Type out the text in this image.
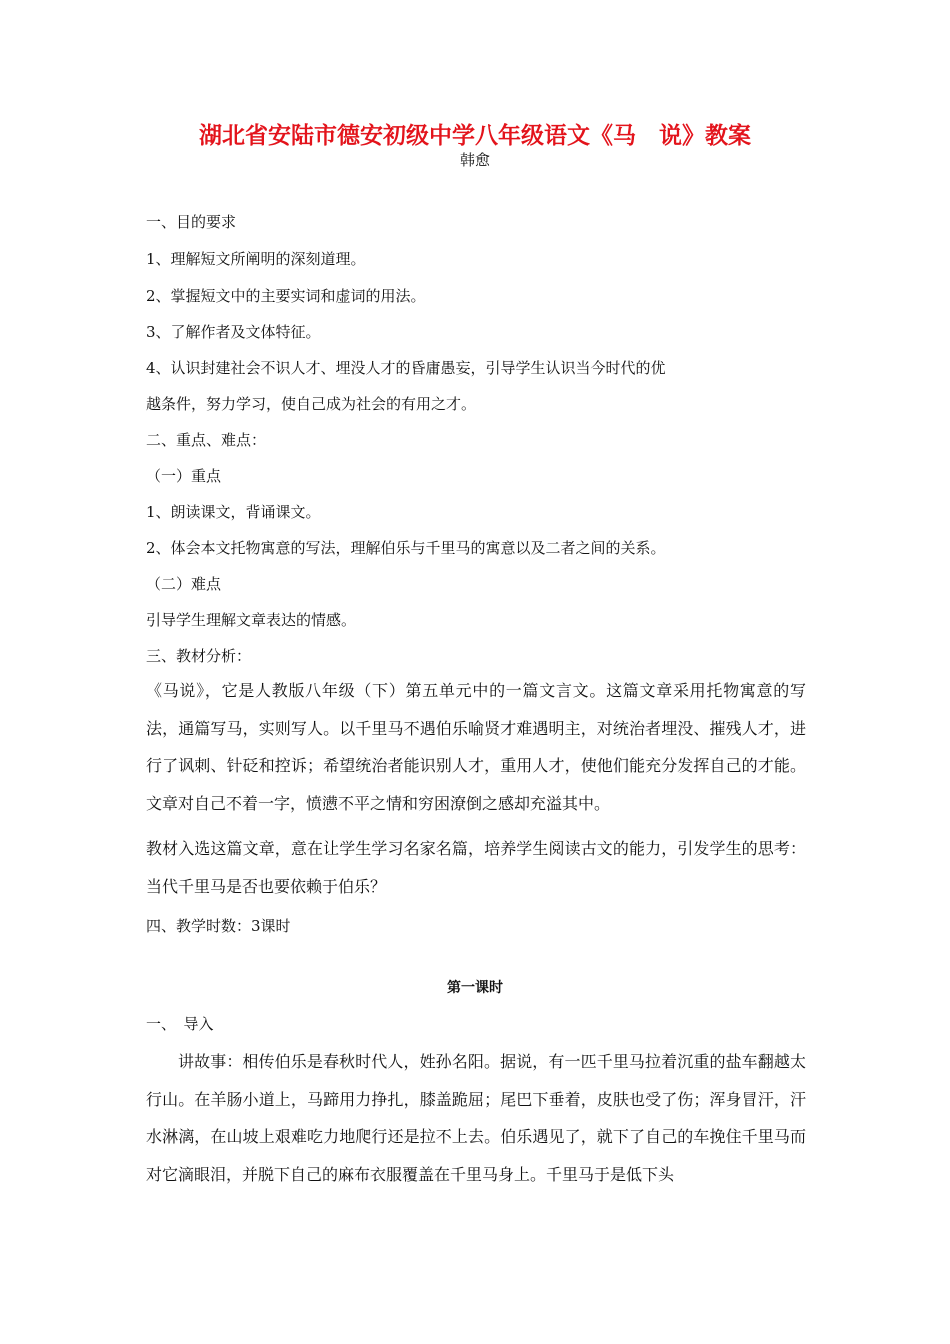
湖北省安陆市德安初级中学八年级语文《马　说》教案
韩愈
一、目的要求
1、理解短文所阐明的深刻道理。
2、掌握短文中的主要实词和虚词的用法。
3、了解作者及文体特征。
4、认识封建社会不识人才、埋没人才的昏庸愚妄，引导学生认识当今时代的优
越条件，努力学习，使自己成为社会的有用之才。
二、重点、难点：
（一）重点
1、朗读课文，背诵课文。
2、体会本文托物寓意的写法，理解伯乐与千里马的寓意以及二者之间的关系。
（二）难点
引导学生理解文章表达的情感。
三、教材分析：
《马说》，它是人教版八年级（下）第五单元中的一篇文言文。这篇文章采用托物寓意的写法，通篇写马，实则写人。以千里马不遇伯乐喻贤才难遇明主，对统治者埋没、摧残人才，进行了讽刺、针砭和控诉；希望统治者能识别人才，重用人才，使他们能充分发挥自己的才能。文章对自己不着一字，愤懑不平之情和穷困潦倒之感却充溢其中。
教材入选这篇文章，意在让学生学习名家名篇，培养学生阅读古文的能力，引发学生的思考：当代千里马是否也要依赖于伯乐？
四、教学时数：3课时
第一课时
一、　导入
讲故事：相传伯乐是春秋时代人，姓孙名阳。据说，有一匹千里马拉着沉重的盐车翻越太行山。在羊肠小道上，马蹄用力挣扎，膝盖跪屈；尾巴下垂着，皮肤也受了伤；浑身冒汗，汗水淋漓，在山坡上艰难吃力地爬行还是拉不上去。伯乐遇见了，就下了自己的车挽住千里马而对它滴眼泪，并脱下自己的麻布衣服覆盖在千里马身上。千里马于是低下头
